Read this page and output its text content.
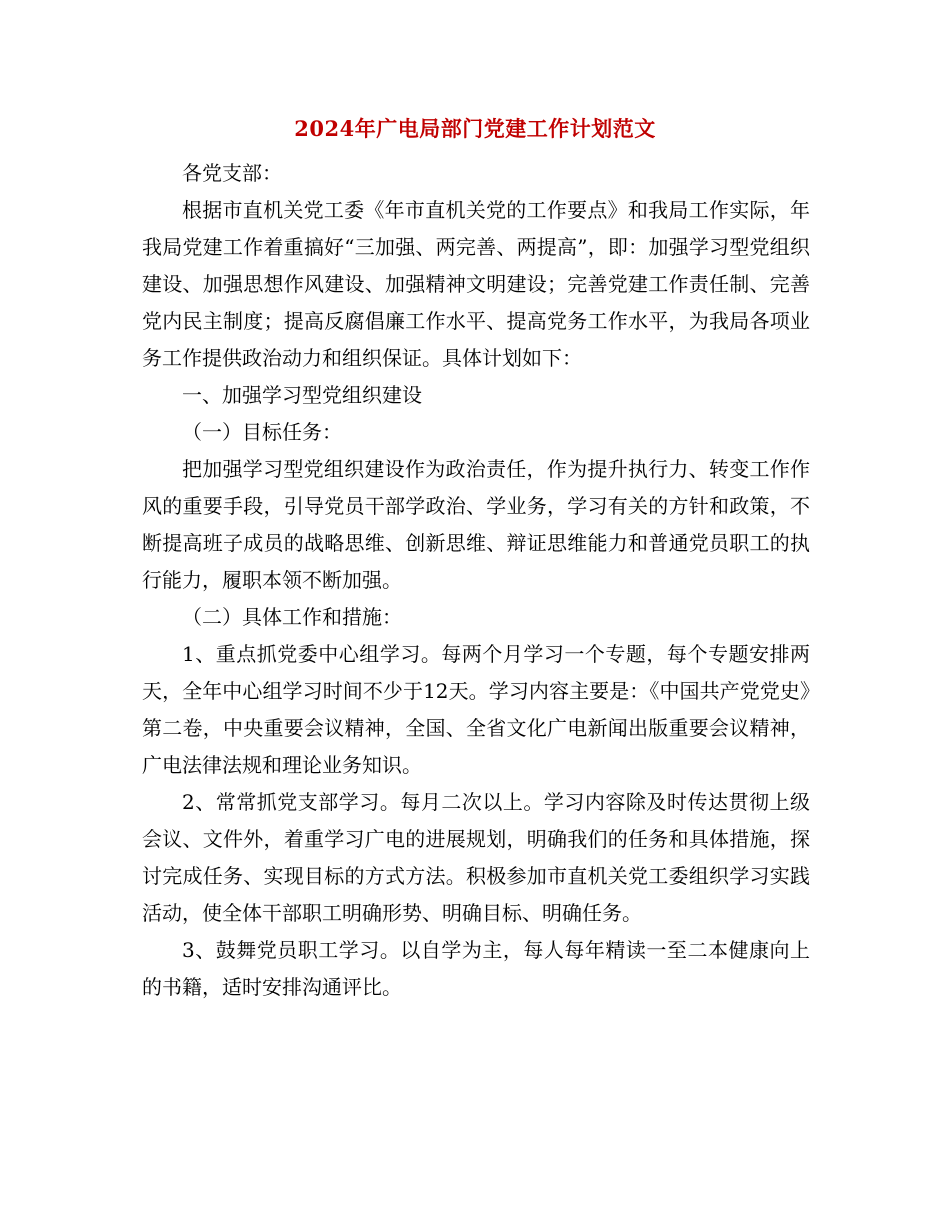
2024年广电局部门党建工作计划范文

各党支部：

根据市直机关党工委《年市直机关党的工作要点》和我局工作实际，年我局党建工作着重搞好“三加强、两完善、两提高”，即：加强学习型党组织建设、加强思想作风建设、加强精神文明建设；完善党建工作责任制、完善党内民主制度；提高反腐倡廉工作水平、提高党务工作水平，为我局各项业务工作提供政治动力和组织保证。具体计划如下：

一、加强学习型党组织建设

（一）目标任务：

把加强学习型党组织建设作为政治责任，作为提升执行力、转变工作作风的重要手段，引导党员干部学政治、学业务，学习有关的方针和政策，不断提高班子成员的战略思维、创新思维、辩证思维能力和普通党员职工的执行能力，履职本领不断加强。

（二）具体工作和措施：

1、重点抓党委中心组学习。每两个月学习一个专题，每个专题安排两天，全年中心组学习时间不少于12天。学习内容主要是：《中国共产党党史》第二卷，中央重要会议精神，全国、全省文化广电新闻出版重要会议精神，广电法律法规和理论业务知识。

2、常常抓党支部学习。每月二次以上。学习内容除及时传达贯彻上级会议、文件外，着重学习广电的进展规划，明确我们的任务和具体措施，探讨完成任务、实现目标的方式方法。积极参加市直机关党工委组织学习实践活动，使全体干部职工明确形势、明确目标、明确任务。

3、鼓舞党员职工学习。以自学为主，每人每年精读一至二本健康向上的书籍，适时安排沟通评比。
